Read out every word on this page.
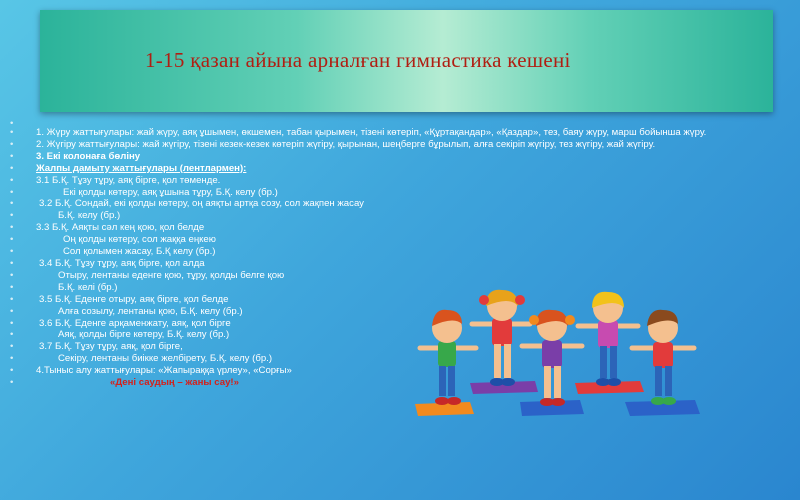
1-15 қазан айына арналған гимнастика кешені
•
• 1. Жүру жаттығулары: жай жүру, аяқ ұшымен, өкшемен, табан қырымен, тізені көтеріп, «Құртақандар», «Қаздар», тез, баяу жүру, марш бойынша жүру.
• 2. Жүгіру жаттығулары: жай жүгіру, тізені кезек-кезек көтеріп жүгіру, қырынан, шеңберге бұрылып, алға секіріп жүгіру, тез жүгіру, жай жүгіру.
• 3. Екі колонаға бөліну
• Жалпы дамыту жаттығулары (лентлармен):
• 3.1 Б.Қ. Тұзу тұру, аяқ бірге, қол төменде.
•	Екі қолды көтеру, аяқ ұшына тұру, Б.Қ. келу (бр.)
•	3.2 Б.Қ. Сондай, екі қолды көтеру, оң аяқты артқа созу, сол жақпен жасау
•	Б.Қ. келу (бр.)
• 3.3 Б.Қ. Аяқты сәл кең қою, қол белде
•	Оң қолды көтеру, сол жаққа еңкею
•	Сол қолымен жасау, Б.Қ келу (бр.)
•	3.4 Б.Қ. Тұзу тұру, аяқ бірге, қол алда
•	Отыру, лентаны еденге қою, тұру, қолды белге қою
•	Б.Қ. келі (бр.)
•	3.5 Б.Қ. Еденге отыру, аяқ бірге, қол белде
•	Алға созылу, лентаны қою, Б.Қ. келу (бр.)
•	3.6 Б.Қ. Еденге арқаменжату, аяқ, қол бірге
•	Аяқ, қолды бірге көтеру, Б.Қ. келу (бр.)
•	3.7 Б.Қ. Тұзу тұру, аяқ, қол бірге,
•	Секіру, лентаны биікке желбірету, Б.Қ. келу (бр.)
• 4.Тыныс алу жаттығулары: «Жапыраққа үрлеу», «Сорғы»
•	«Дені саудың – жаны сау!»
